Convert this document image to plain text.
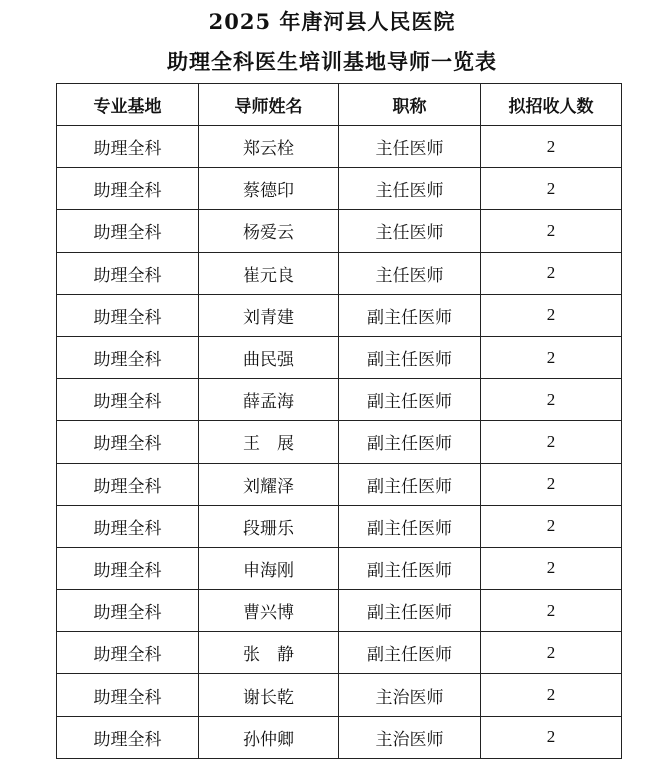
2025 年唐河县人民医院
助理全科医生培训基地导师一览表
专业基地	导师姓名	职称	拟招收人数
助理全科	郑云栓	主任医师	2
助理全科	蔡德印	主任医师	2
助理全科	杨爱云	主任医师	2
助理全科	崔元良	主任医师	2
助理全科	刘青建	副主任医师	2
助理全科	曲民强	副主任医师	2
助理全科	薛孟海	副主任医师	2
助理全科	王　展	副主任医师	2
助理全科	刘耀泽	副主任医师	2
助理全科	段珊乐	副主任医师	2
助理全科	申海刚	副主任医师	2
助理全科	曹兴博	副主任医师	2
助理全科	张　静	副主任医师	2
助理全科	谢长乾	主治医师	2
助理全科	孙仲卿	主治医师	2
